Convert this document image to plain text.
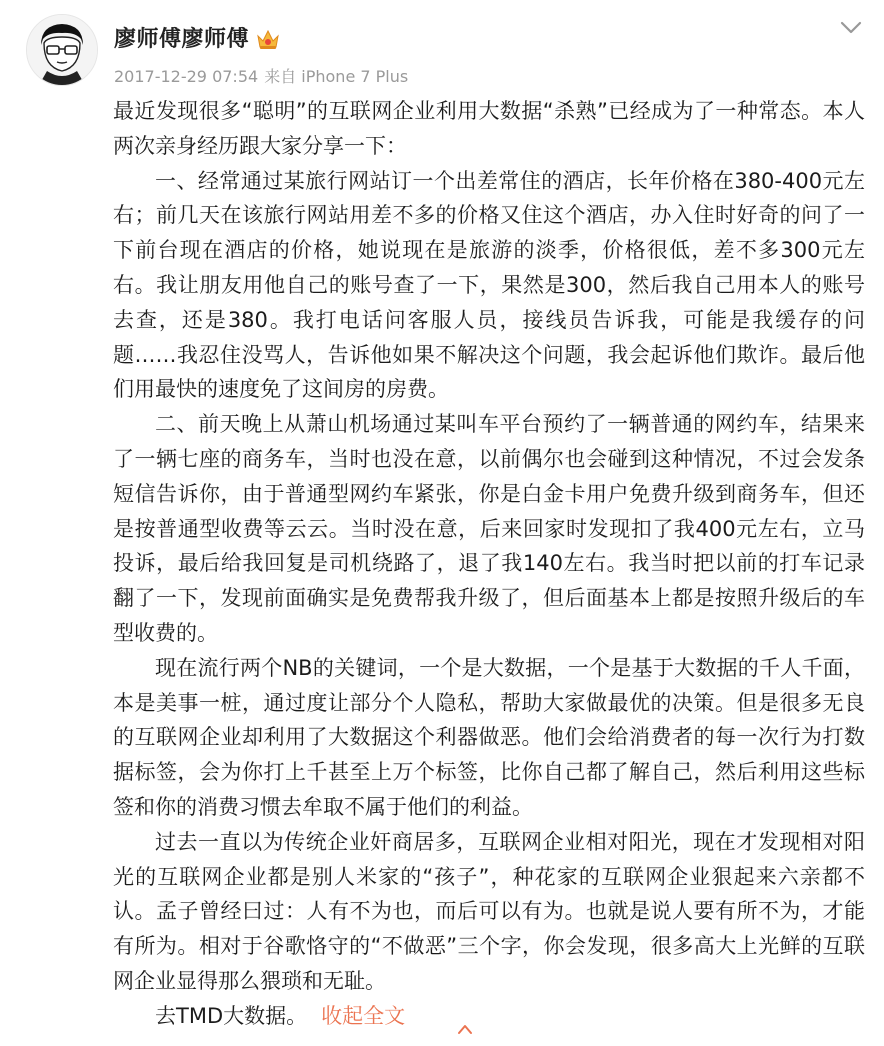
廖师傅廖师傅
2017-12-29 07:54 来自 iPhone 7 Plus

最近发现很多“聪明”的互联网企业利用大数据“杀熟”已经成为了一种常态。本人两次亲身经历跟大家分享一下：

一、经常通过某旅行网站订一个出差常住的酒店，长年价格在380-400元左右；前几天在该旅行网站用差不多的价格又住这个酒店，办入住时好奇的问了一下前台现在酒店的价格，她说现在是旅游的淡季，价格很低，差不多300元左右。我让朋友用他自己的账号查了一下，果然是300，然后我自己用本人的账号去查，还是380。我打电话问客服人员，接线员告诉我，可能是我缓存的问题……我忍住没骂人，告诉他如果不解决这个问题，我会起诉他们欺诈。最后他们用最快的速度免了这间房的房费。

二、前天晚上从萧山机场通过某叫车平台预约了一辆普通的网约车，结果来了一辆七座的商务车，当时也没在意，以前偶尔也会碰到这种情况，不过会发条短信告诉你，由于普通型网约车紧张，你是白金卡用户免费升级到商务车，但还是按普通型收费等云云。当时没在意，后来回家时发现扣了我400元左右，立马投诉，最后给我回复是司机绕路了，退了我140左右。我当时把以前的打车记录翻了一下，发现前面确实是免费帮我升级了，但后面基本上都是按照升级后的车型收费的。

现在流行两个NB的关键词，一个是大数据，一个是基于大数据的千人千面，本是美事一桩，通过度让部分个人隐私，帮助大家做最优的决策。但是很多无良的互联网企业却利用了大数据这个利器做恶。他们会给消费者的每一次行为打数据标签，会为你打上千甚至上万个标签，比你自己都了解自己，然后利用这些标签和你的消费习惯去牟取不属于他们的利益。

过去一直以为传统企业奸商居多，互联网企业相对阳光，现在才发现相对阳光的互联网企业都是别人米家的“孩子”，种花家的互联网企业狠起来六亲都不认。孟子曾经曰过：人有不为也，而后可以有为。也就是说人要有所不为，才能有所为。相对于谷歌恪守的“不做恶”三个字，你会发现，很多高大上光鲜的互联网企业显得那么猥琐和无耻。

去TMD大数据。 收起全文
